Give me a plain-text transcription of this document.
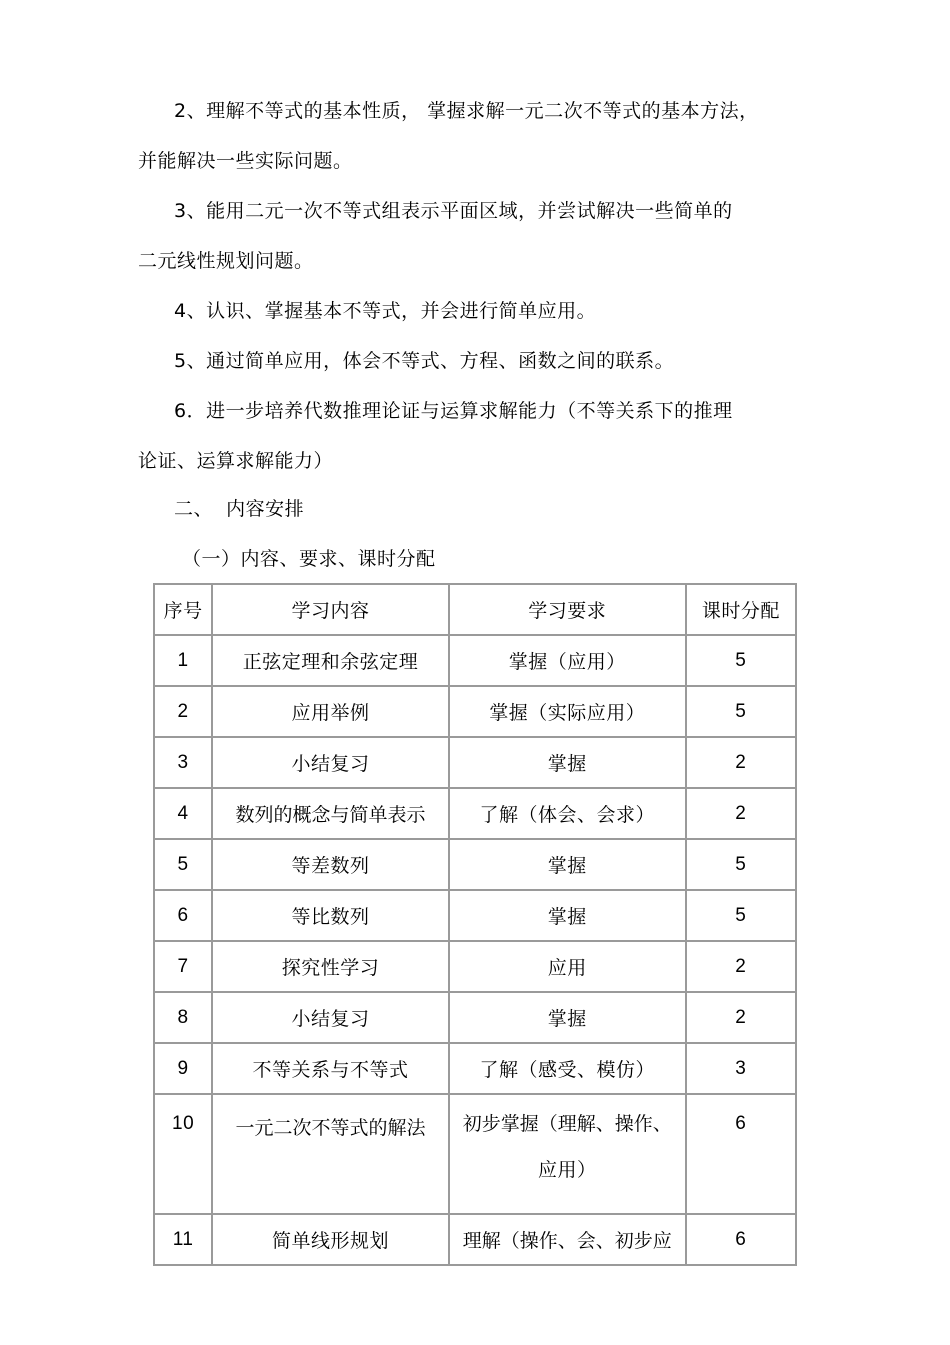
2、理解不等式的基本性质， 掌握求解一元二次不等式的基本方法，
并能解决一些实际问题。
3、能用二元一次不等式组表示平面区域，并尝试解决一些简单的
二元线性规划问题。
4、认识、掌握基本不等式，并会进行简单应用。
5、通过简单应用，体会不等式、方程、函数之间的联系。
6．进一步培养代数推理论证与运算求解能力（不等关系下的推理
论证、运算求解能力）
二、  内容安排
（一）内容、要求、课时分配
序号	学习内容	学习要求	课时分配
1	正弦定理和余弦定理	掌握（应用）	5
2	应用举例	掌握（实际应用）	5
3	小结复习	掌握	2
4	数列的概念与简单表示	了解（体会、会求）	2
5	等差数列	掌握	5
6	等比数列	掌握	5
7	探究性学习	应用	2
8	小结复习	掌握	2
9	不等关系与不等式	了解（感受、模仿）	3
10	一元二次不等式的解法	初步掌握（理解、操作、
应用）	6
11	简单线形规划	理解（操作、会、初步应	6
